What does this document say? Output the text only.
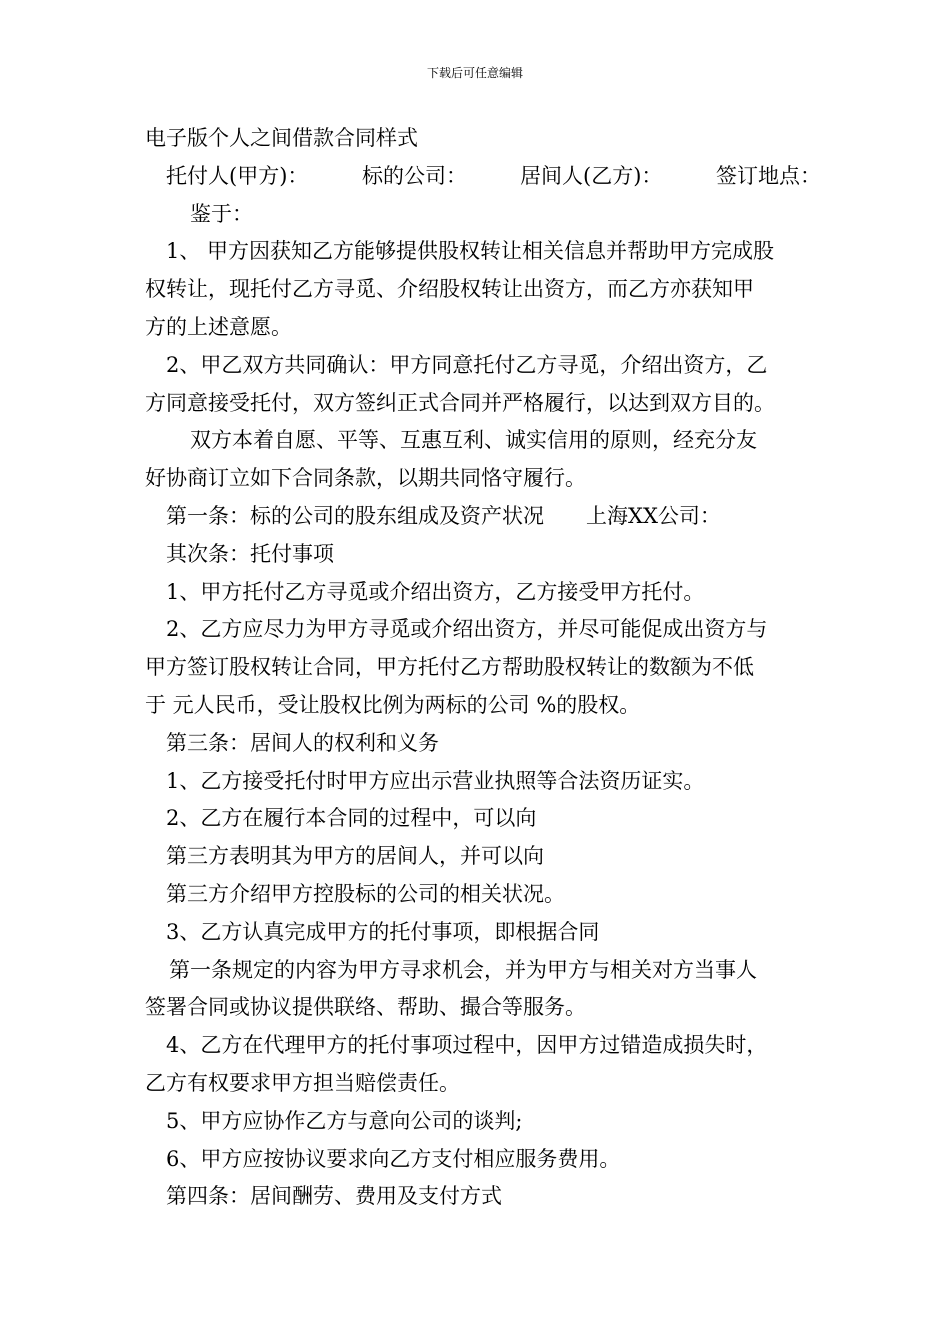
下载后可任意编辑
电子版个人之间借款合同样式
托付人(甲方)：	标的公司：	居间人(乙方)：	签订地点：
鉴于：
1、 甲方因获知乙方能够提供股权转让相关信息并帮助甲方完成股
权转让，现托付乙方寻觅、介绍股权转让出资方，而乙方亦获知甲
方的上述意愿。
2、甲乙双方共同确认：甲方同意托付乙方寻觅，介绍出资方，乙
方同意接受托付，双方签纠正式合同并严格履行，以达到双方目的。
双方本着自愿、平等、互惠互利、诚实信用的原则，经充分友
好协商订立如下合同条款，以期共同恪守履行。
第一条：标的公司的股东组成及资产状况　　上海XX公司：
其次条：托付事项
1、甲方托付乙方寻觅或介绍出资方，乙方接受甲方托付。
2、乙方应尽力为甲方寻觅或介绍出资方，并尽可能促成出资方与
甲方签订股权转让合同，甲方托付乙方帮助股权转让的数额为不低
于 元人民币，受让股权比例为两标的公司 %的股权。
第三条：居间人的权利和义务
1、乙方接受托付时甲方应出示营业执照等合法资历证实。
2、乙方在履行本合同的过程中，可以向
第三方表明其为甲方的居间人，并可以向
第三方介绍甲方控股标的公司的相关状况。
3、乙方认真完成甲方的托付事项，即根据合同
第一条规定的内容为甲方寻求机会，并为甲方与相关对方当事人
签署合同或协议提供联络、帮助、撮合等服务。
4、乙方在代理甲方的托付事项过程中，因甲方过错造成损失时，
乙方有权要求甲方担当赔偿责任。
5、甲方应协作乙方与意向公司的谈判;
6、甲方应按协议要求向乙方支付相应服务费用。
第四条：居间酬劳、费用及支付方式
